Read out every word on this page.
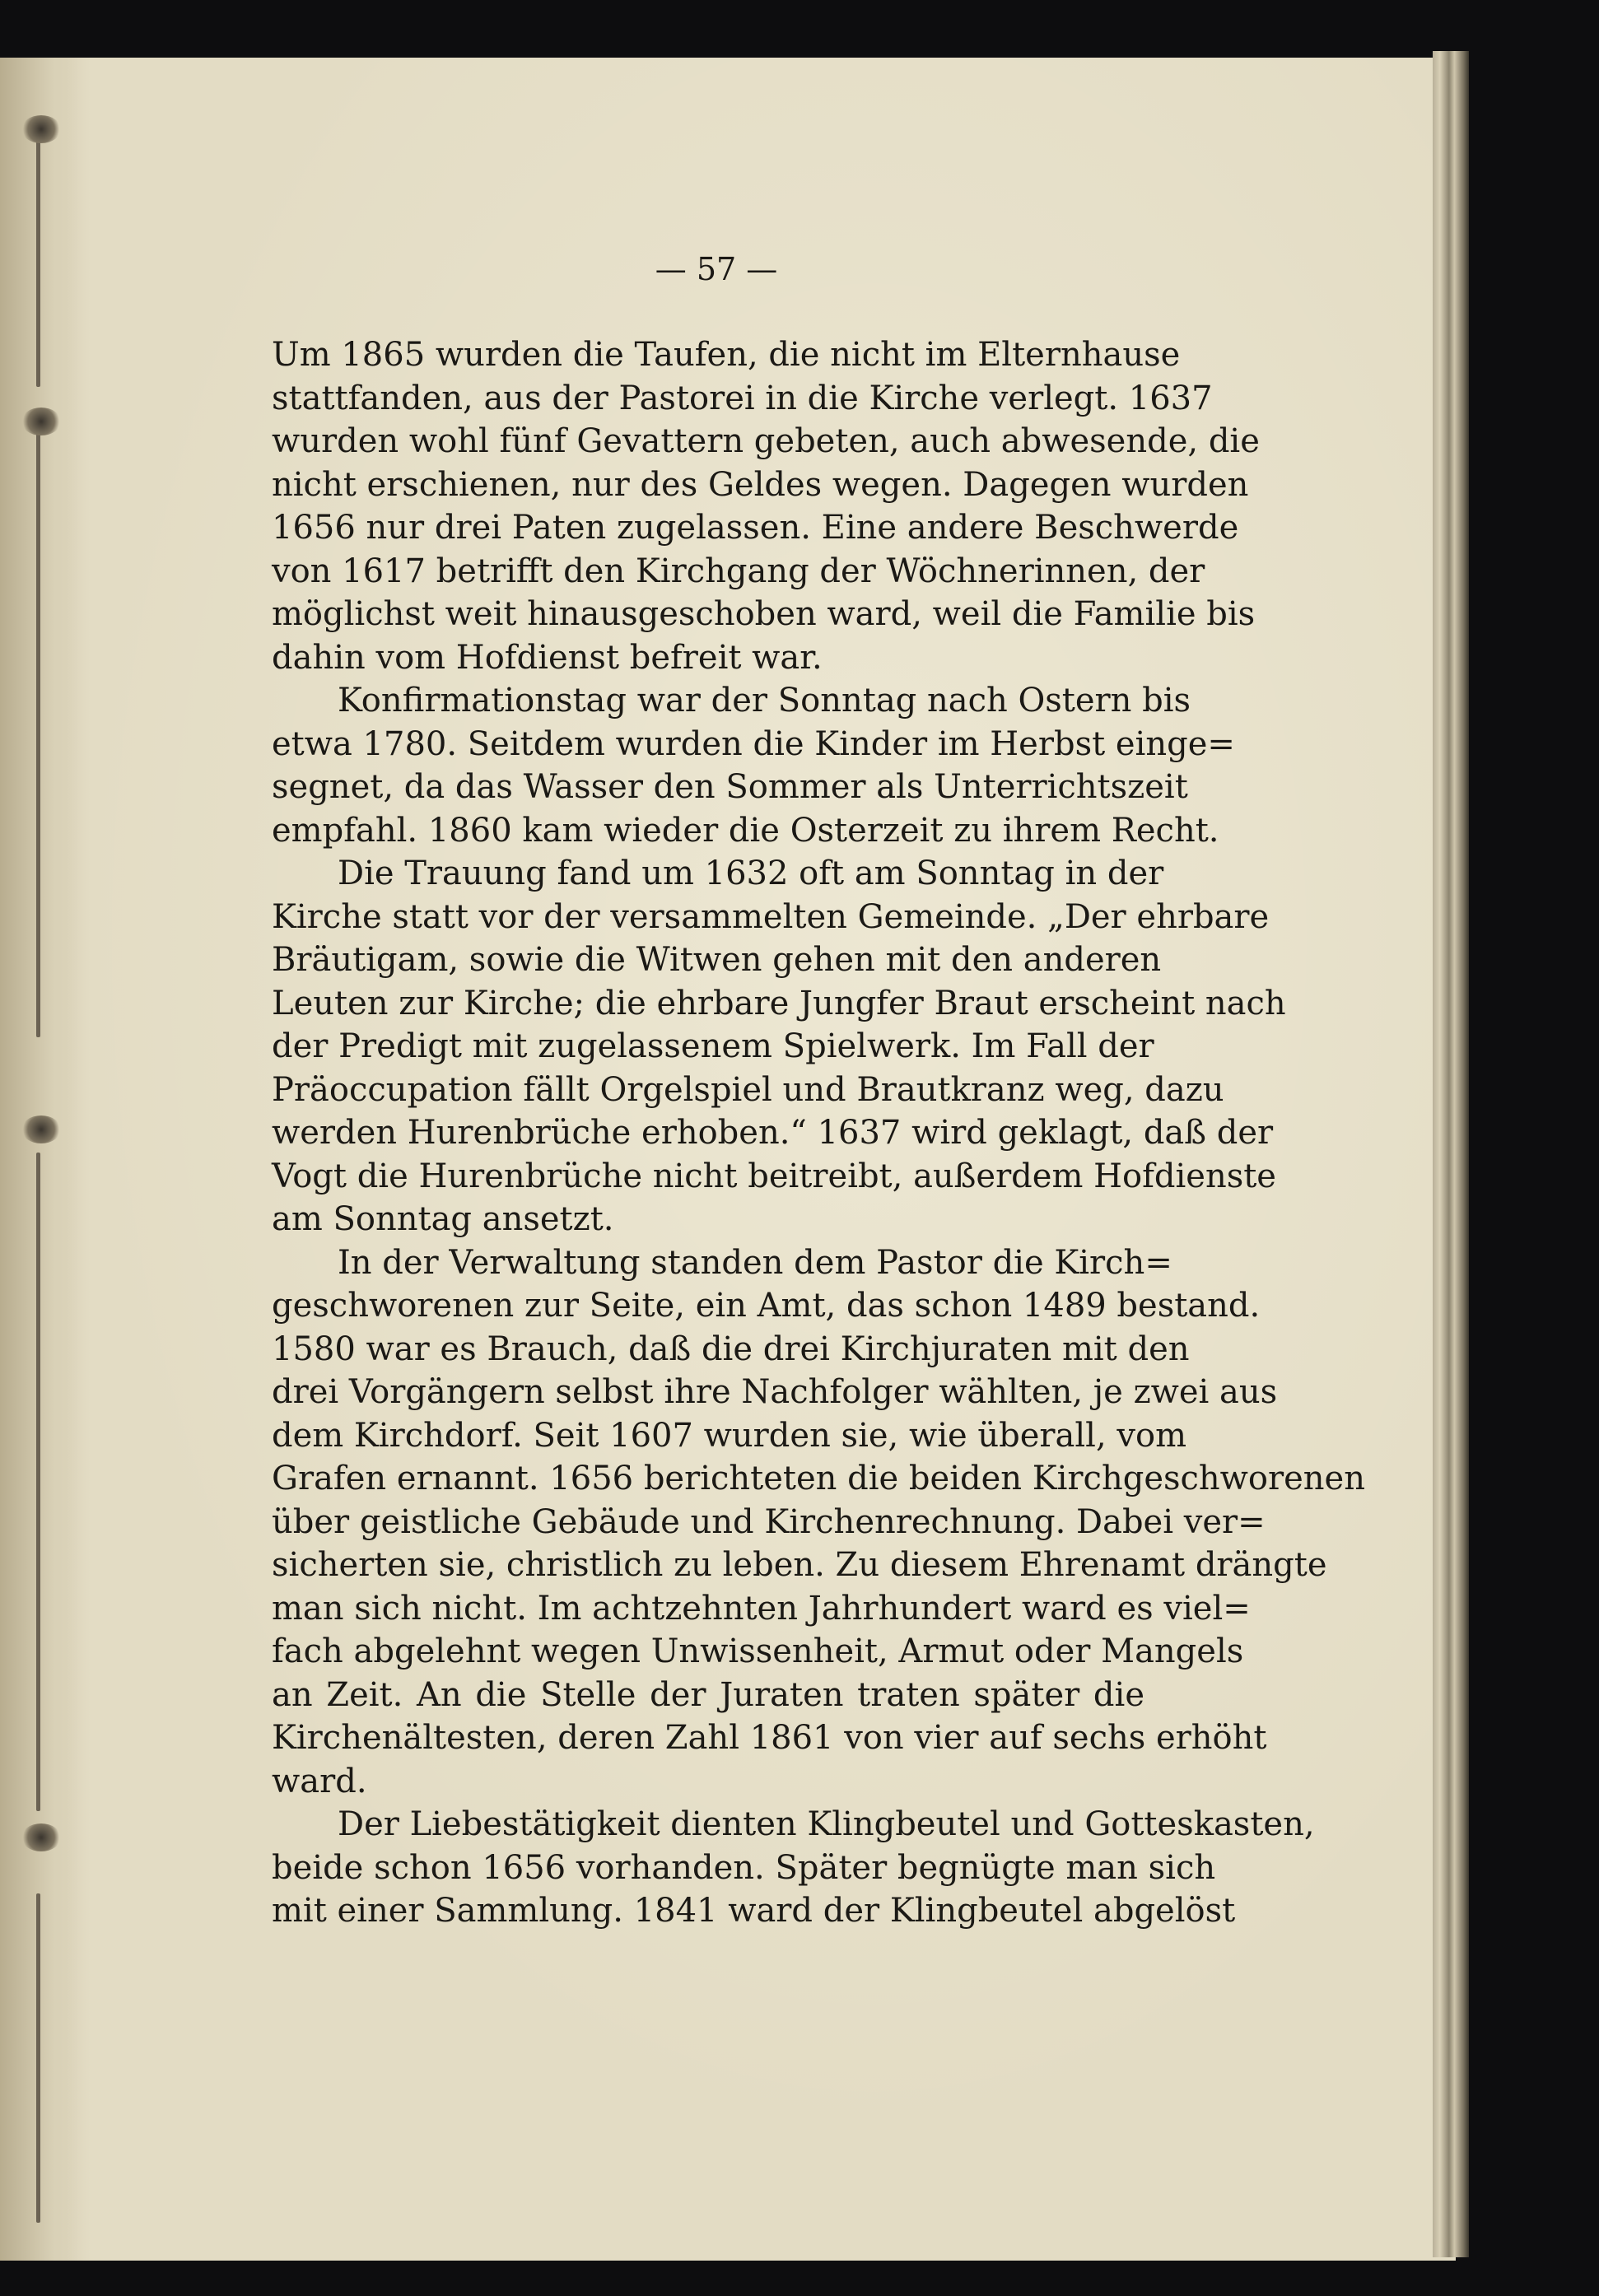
— 57 —
Um 1865 wurden die Taufen, die nicht im Elternhause
stattfanden, aus der Pastorei in die Kirche verlegt. 1637
wurden wohl fünf Gevattern gebeten, auch abwesende, die
nicht erschienen, nur des Geldes wegen. Dagegen wurden
1656 nur drei Paten zugelassen. Eine andere Beschwerde
von 1617 betrifft den Kirchgang der Wöchnerinnen, der
möglichst weit hinausgeschoben ward, weil die Familie bis
dahin vom Hofdienst befreit war.
Konfirmationstag war der Sonntag nach Ostern bis
etwa 1780. Seitdem wurden die Kinder im Herbst einge=
segnet, da das Wasser den Sommer als Unterrichtszeit
empfahl. 1860 kam wieder die Osterzeit zu ihrem Recht.
Die Trauung fand um 1632 oft am Sonntag in der
Kirche statt vor der versammelten Gemeinde. „Der ehrbare
Bräutigam, sowie die Witwen gehen mit den anderen
Leuten zur Kirche; die ehrbare Jungfer Braut erscheint nach
der Predigt mit zugelassenem Spielwerk. Im Fall der
Präoccupation fällt Orgelspiel und Brautkranz weg, dazu
werden Hurenbrüche erhoben.“ 1637 wird geklagt, daß der
Vogt die Hurenbrüche nicht beitreibt, außerdem Hofdienste
am Sonntag ansetzt.
In der Verwaltung standen dem Pastor die Kirch=
geschworenen zur Seite, ein Amt, das schon 1489 bestand.
1580 war es Brauch, daß die drei Kirchjuraten mit den
drei Vorgängern selbst ihre Nachfolger wählten, je zwei aus
dem Kirchdorf. Seit 1607 wurden sie, wie überall, vom
Grafen ernannt. 1656 berichteten die beiden Kirchgeschworenen
über geistliche Gebäude und Kirchenrechnung. Dabei ver=
sicherten sie, christlich zu leben. Zu diesem Ehrenamt drängte
man sich nicht. Im achtzehnten Jahrhundert ward es viel=
fach abgelehnt wegen Unwissenheit, Armut oder Mangels
an Zeit. An die Stelle der Juraten traten später die
Kirchenältesten, deren Zahl 1861 von vier auf sechs erhöht
ward.
Der Liebestätigkeit dienten Klingbeutel und Gotteskasten,
beide schon 1656 vorhanden. Später begnügte man sich
mit einer Sammlung. 1841 ward der Klingbeutel abgelöst
